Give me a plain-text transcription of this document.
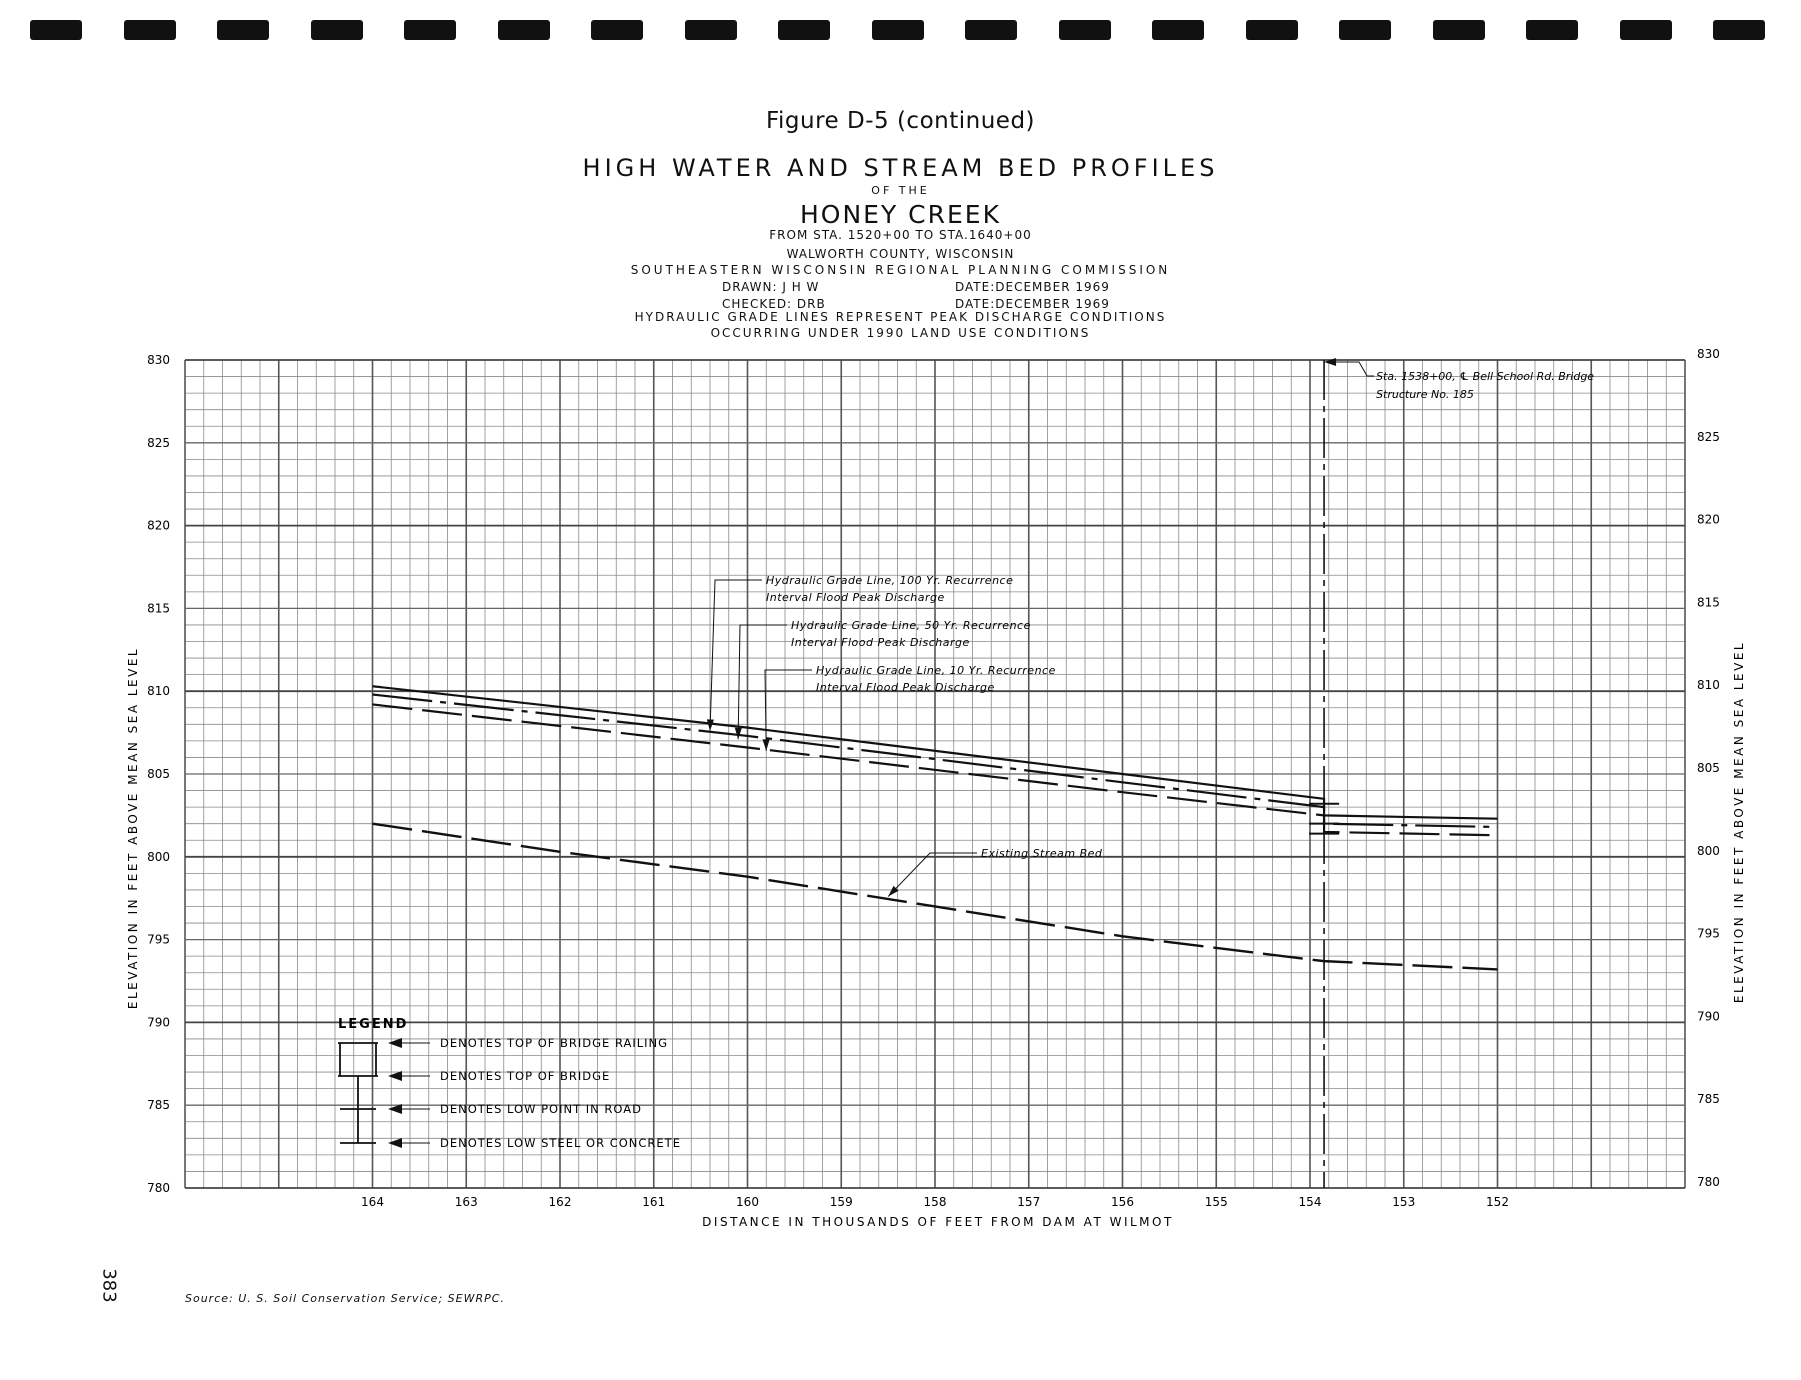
Figure D-5 (continued)
HIGH WATER AND STREAM BED PROFILES
OF THE
HONEY CREEK
FROM STA. 1520+00 TO STA.1640+00
WALWORTH COUNTY, WISCONSIN
SOUTHEASTERN WISCONSIN REGIONAL PLANNING COMMISSION
DRAWN: J H W	DATE:DECEMBER 1969
CHECKED: DRB	DATE:DECEMBER 1969
HYDRAULIC GRADE LINES REPRESENT PEAK DISCHARGE CONDITIONS
OCCURRING UNDER 1990 LAND USE CONDITIONS
164	163	162	161	160	159	158	157	156	155	154	153	152
780	780
785	785
790	790
795	795
800	800
805	805
810	810
815	815
820	820
825	825
830	830
Sta. 1538+00, ℄ Bell School Rd. Bridge
Structure No. 185
Hydraulic Grade Line, 100 Yr. Recurrence
Interval Flood Peak Discharge
Hydraulic Grade Line, 50 Yr. Recurrence
Interval Flood Peak Discharge
Hydraulic Grade Line, 10 Yr. Recurrence
Interval Flood Peak Discharge
Existing Stream Bed
LEGEND
DENOTES TOP OF BRIDGE RAILING
DENOTES TOP OF BRIDGE
DENOTES LOW POINT IN ROAD
DENOTES LOW STEEL OR CONCRETE
DISTANCE IN THOUSANDS OF FEET FROM DAM AT WILMOT
ELEVATION IN FEET ABOVE MEAN SEA LEVEL	ELEVATION IN FEET ABOVE MEAN SEA LEVEL
383	Source: U. S. Soil Conservation Service; SEWRPC.
